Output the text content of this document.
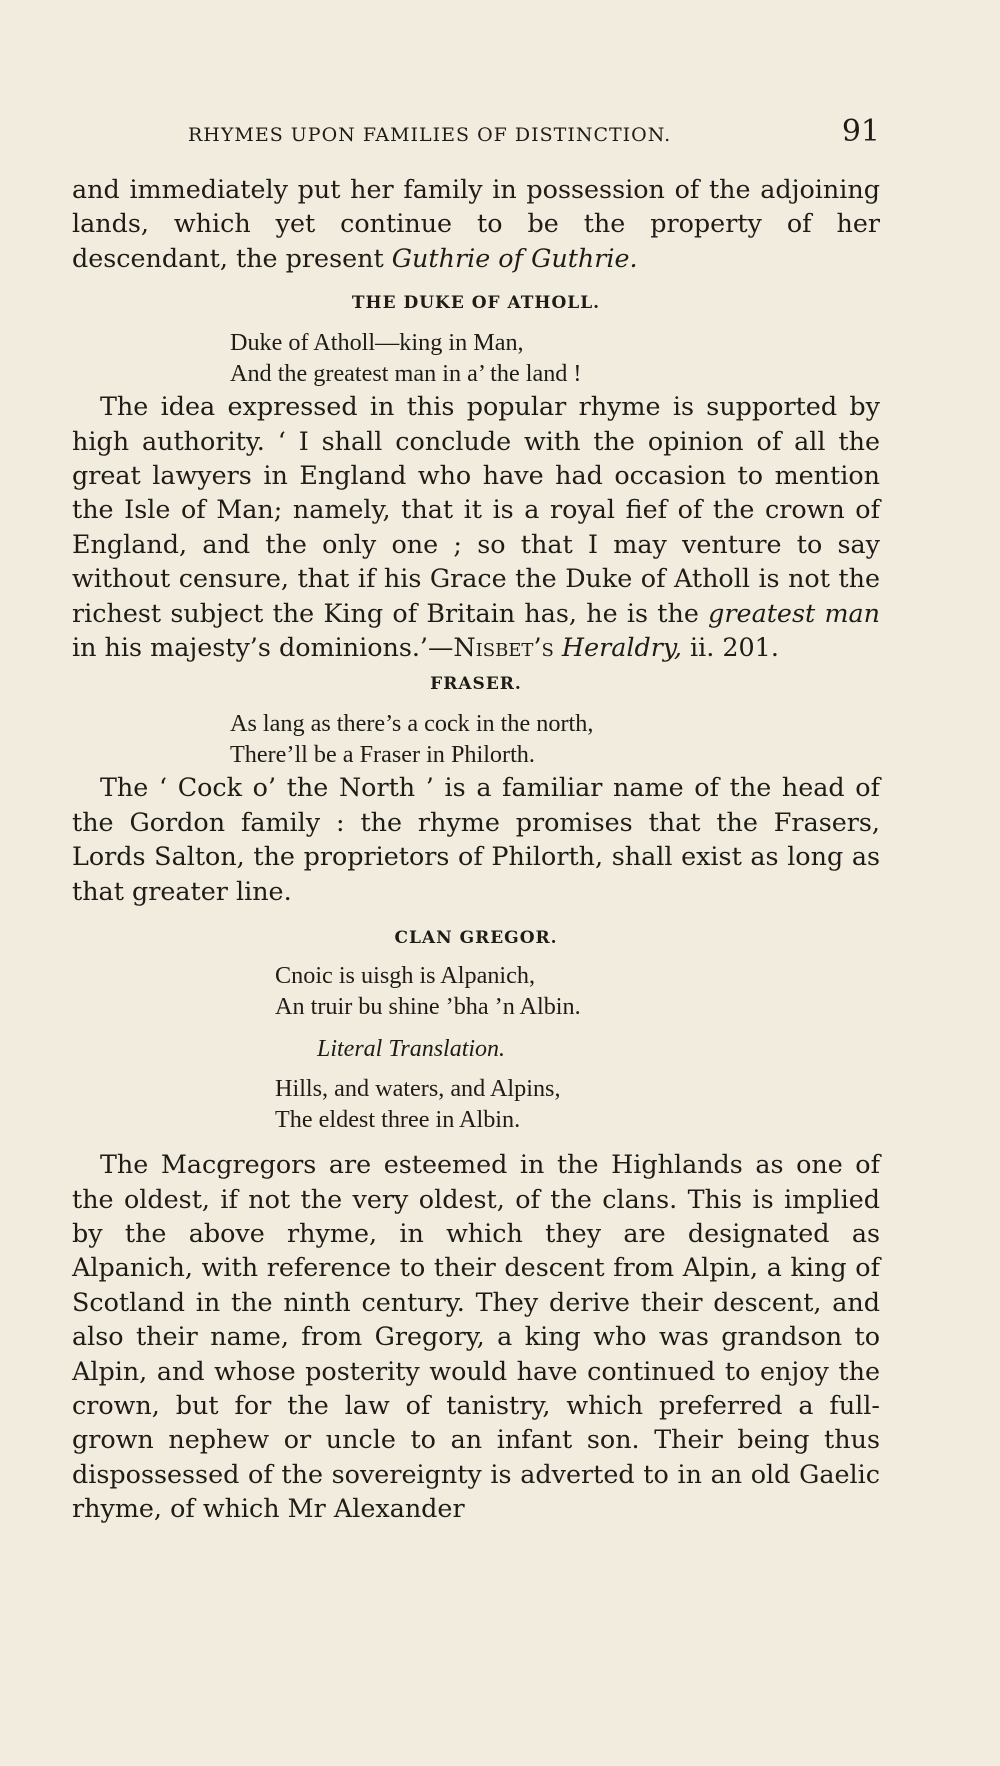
RHYMES UPON FAMILIES OF DISTINCTION.	91

and immediately put her family in possession of the adjoining lands, which yet continue to be the property of her descendant, the present Guthrie of Guthrie.

THE DUKE OF ATHOLL.
Duke of Atholl—king in Man,
And the greatest man in a’ the land !

The idea expressed in this popular rhyme is supported by high authority. ‘ I shall conclude with the opinion of all the great lawyers in England who have had occasion to mention the Isle of Man; namely, that it is a royal fief of the crown of England, and the only one ; so that I may venture to say without censure, that if his Grace the Duke of Atholl is not the richest subject the King of Britain has, he is the greatest man in his majesty’s dominions.’—Nisbet’s Heraldry, ii. 201.

FRASER.
As lang as there’s a cock in the north,
There’ll be a Fraser in Philorth.

The ‘ Cock o’ the North ’ is a familiar name of the head of the Gordon family : the rhyme promises that the Frasers, Lords Salton, the proprietors of Philorth, shall exist as long as that greater line.

CLAN GREGOR.
Cnoic is uisgh is Alpanich,
An truir bu shine ’bha ’n Albin.
Literal Translation.
Hills, and waters, and Alpins,
The eldest three in Albin.

The Macgregors are esteemed in the Highlands as one of the oldest, if not the very oldest, of the clans. This is implied by the above rhyme, in which they are designated as Alpanich, with reference to their descent from Alpin, a king of Scotland in the ninth century. They derive their descent, and also their name, from Gregory, a king who was grandson to Alpin, and whose posterity would have continued to enjoy the crown, but for the law of tanistry, which preferred a full-grown nephew or uncle to an infant son. Their being thus dispossessed of the sovereignty is adverted to in an old Gaelic rhyme, of which Mr Alexander
